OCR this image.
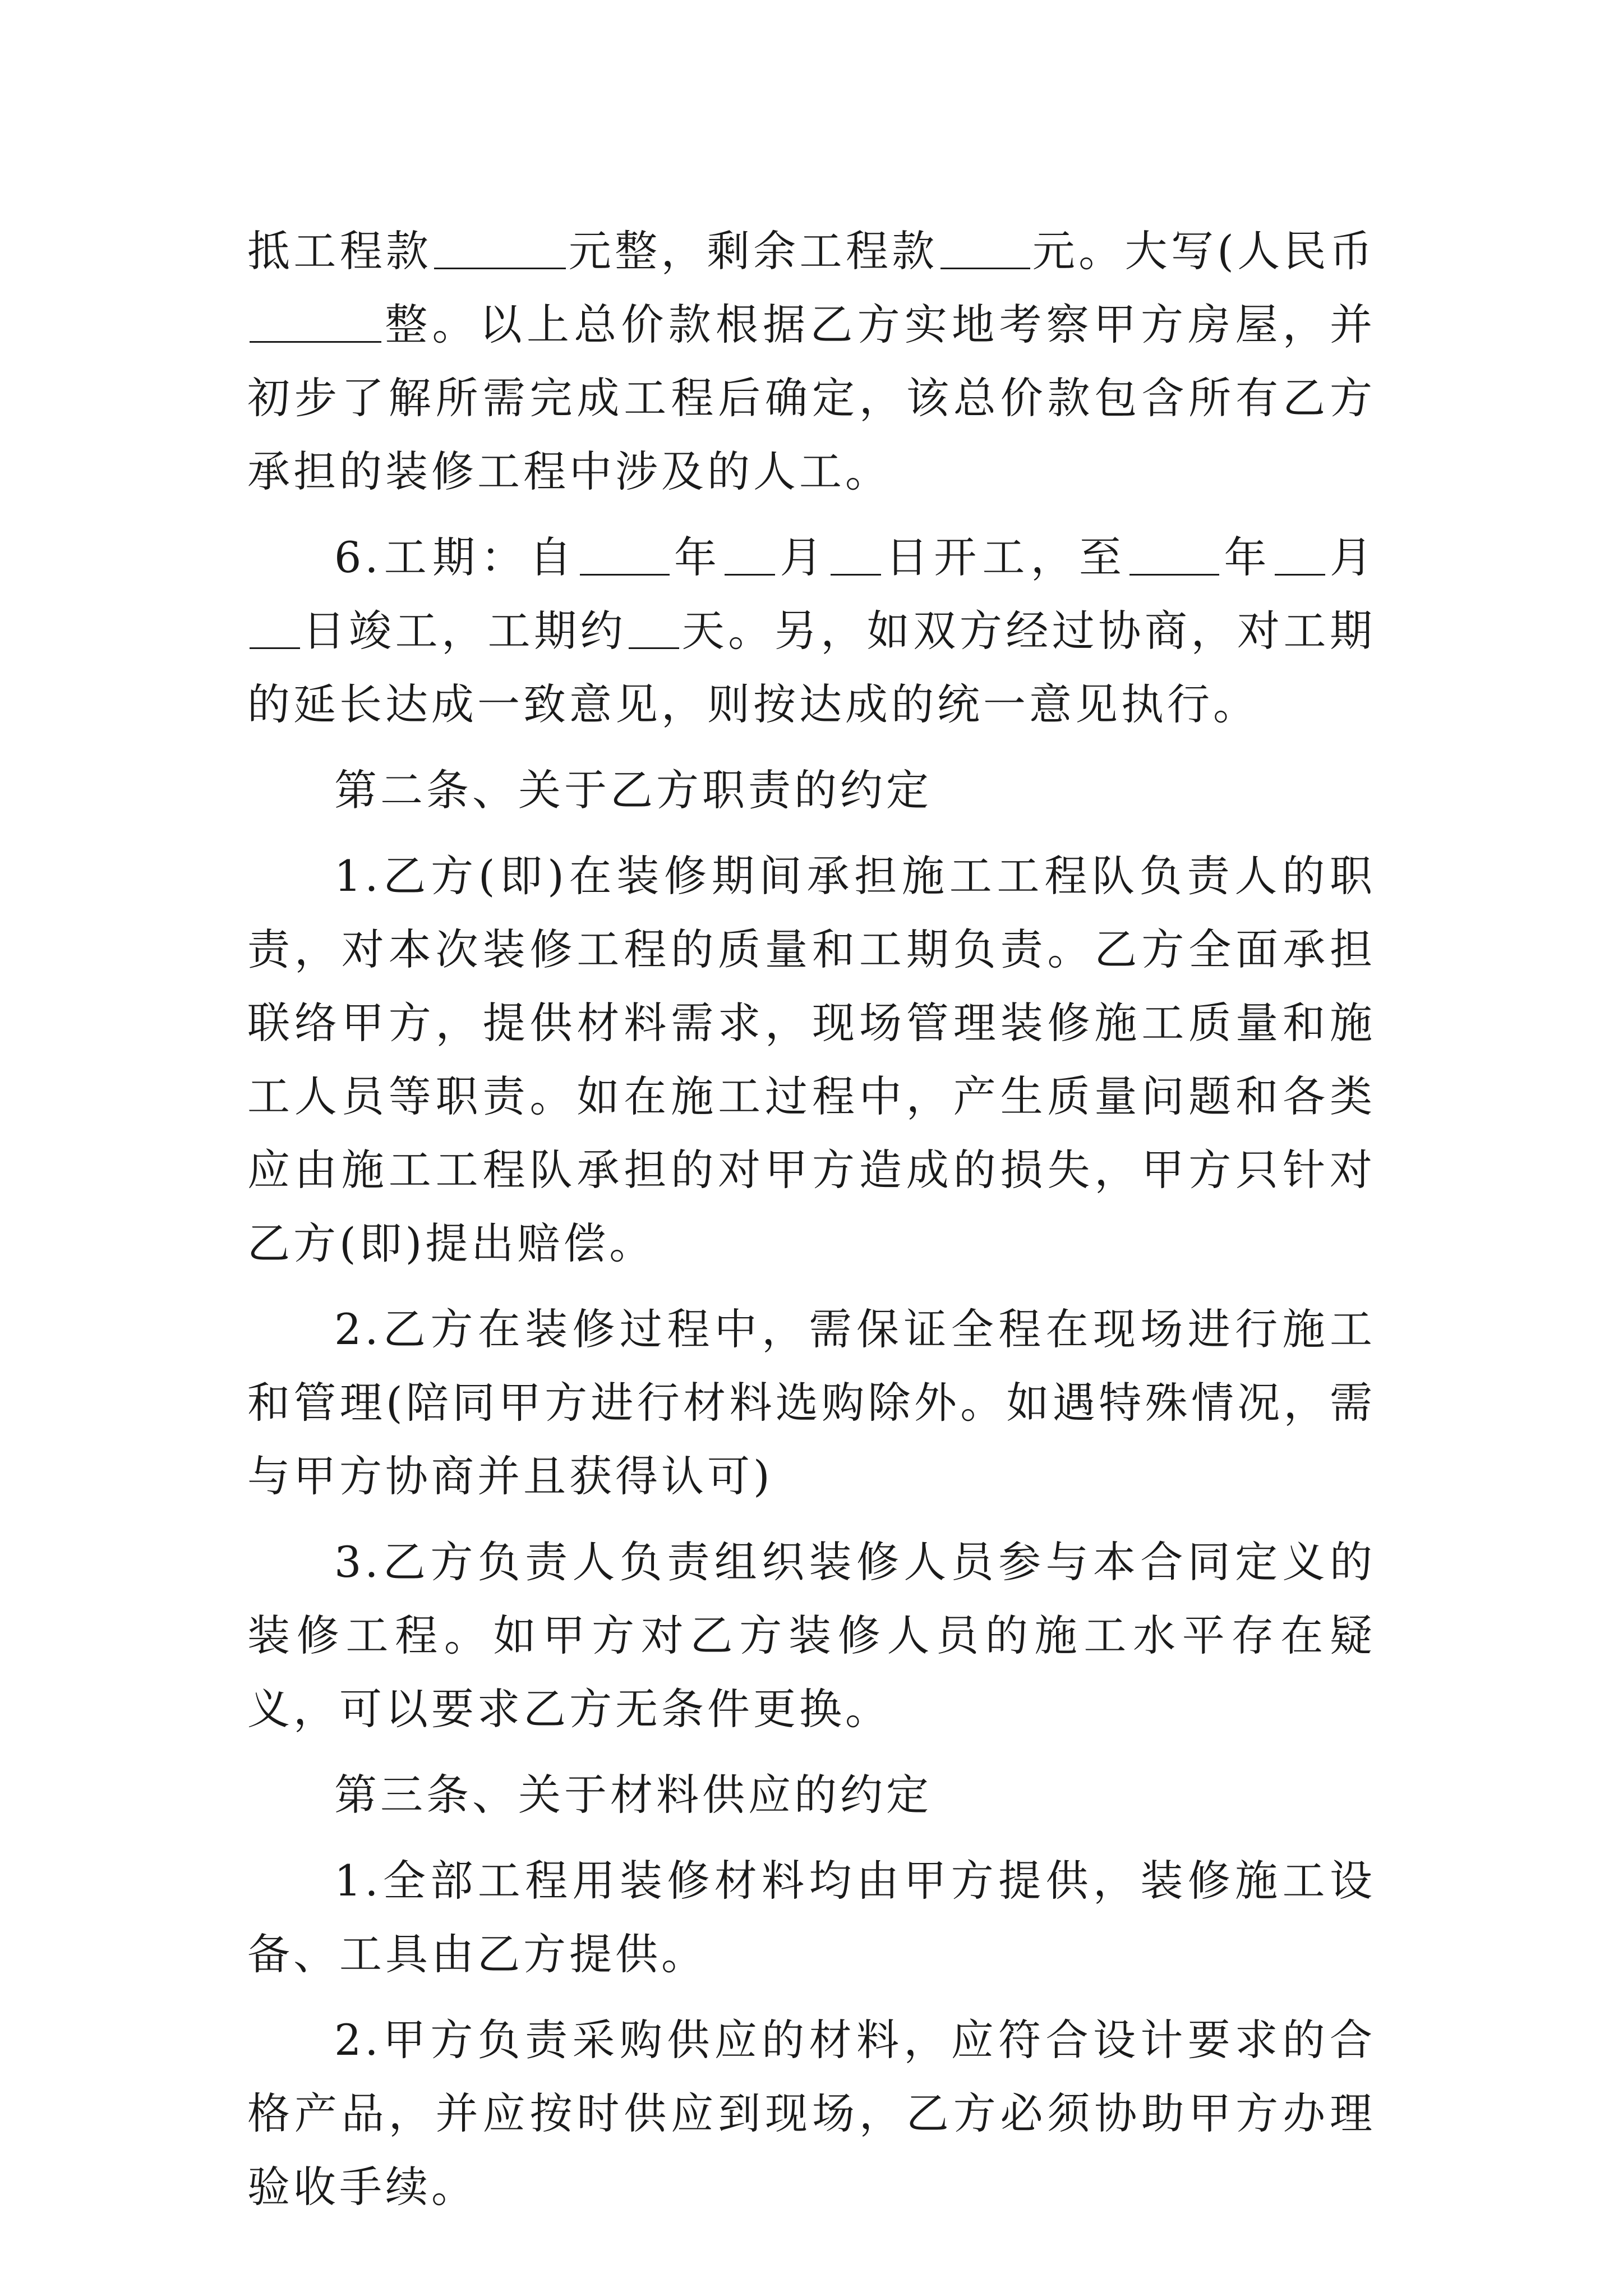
抵工程款	元整，剩余工程款 元。大写(人民币整。以上总价款根据乙方实地考察甲方房屋，并初步了解所需完成工程后确定，该总价款包含所有乙方承担的装修工程中涉及的人工。

6.工期：自 年 月 日开工，至 年 月日竣工，工期约 天。另，如双方经过协商，对工期的延长达成一致意见，则按达成的统一意见执行。

第二条、关于乙方职责的约定

1.乙方(即)在装修期间承担施工工程队负责人的职责，对本次装修工程的质量和工期负责。乙方全面承担联络甲方，提供材料需求，现场管理装修施工质量和施工人员等职责。如在施工过程中，产生质量问题和各类应由施工工程队承担的对甲方造成的损失，甲方只针对乙方(即)提出赔偿。

2.乙方在装修过程中，需保证全程在现场进行施工和管理(陪同甲方进行材料选购除外。如遇特殊情况，需与甲方协商并且获得认可)

3.乙方负责人负责组织装修人员参与本合同定义的装修工程。如甲方对乙方装修人员的施工水平存在疑义，可以要求乙方无条件更换。

第三条、关于材料供应的约定

1.全部工程用装修材料均由甲方提供，装修施工设备、工具由乙方提供。

2.甲方负责采购供应的材料，应符合设计要求的合格产品，并应按时供应到现场，乙方必须协助甲方办理验收手续。
